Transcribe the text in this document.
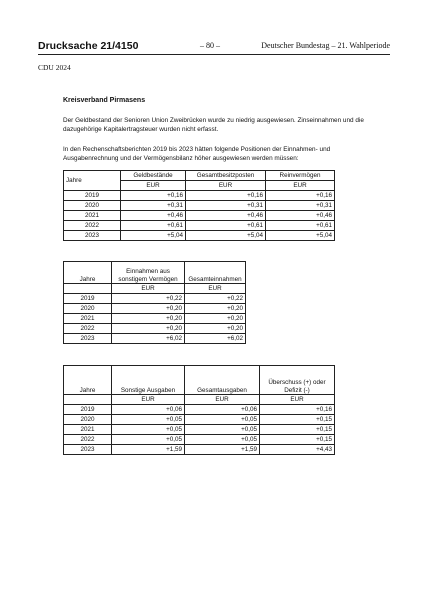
Drucksache 21/4150	– 80 –	Deutscher Bundestag – 21. Wahlperiode
CDU 2024
Kreisverband Pirmasens
Der Geldbestand der Senioren Union Zweibrücken wurde zu niedrig ausgewiesen. Zinseinnahmen und die dazugehörige Kapitalertragsteuer wurden nicht erfasst.
In den Rechenschaftsberichten 2019 bis 2023 hätten folgende Positionen der Einnahmen- und Ausgabenrechnung und der Vermögensbilanz höher ausgewiesen werden müssen:
Jahre	Geldbestände	Gesamtbesitzposten	Reinvermögen
	EUR	EUR	EUR
2019	+0,16	+0,16	+0,16
2020	+0,31	+0,31	+0,31
2021	+0,46	+0,46	+0,46
2022	+0,61	+0,61	+0,61
2023	+5,04	+5,04	+5,04
Jahre	Einnahmen aus sonstigem Vermögen	Gesamteinnahmen
	EUR	EUR
2019	+0,22	+0,22
2020	+0,20	+0,20
2021	+0,20	+0,20
2022	+0,20	+0,20
2023	+6,02	+6,02
Jahre	Sonstige Ausgaben	Gesamtausgaben	Überschuss (+) oder Defizit (-)
	EUR	EUR	EUR
2019	+0,06	+0,06	+0,16
2020	+0,05	+0,05	+0,15
2021	+0,05	+0,05	+0,15
2022	+0,05	+0,05	+0,15
2023	+1,59	+1,59	+4,43
